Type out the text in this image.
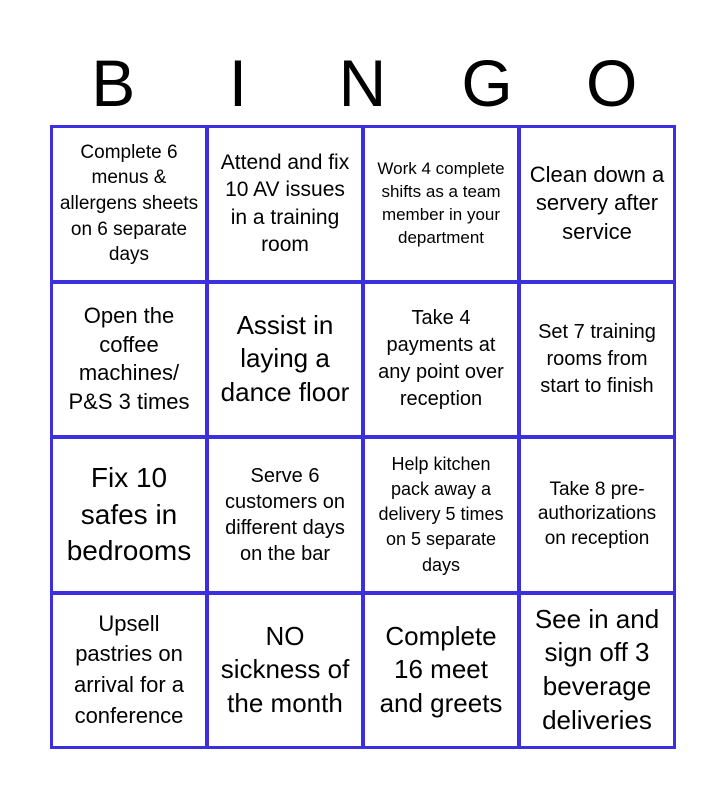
B	I	N	G	O
Complete 6 menus & allergens sheets on 6 separate days
Attend and fix 10 AV issues in a training room
Work 4 complete shifts as a team member in your department
Clean down a servery after service
Open the coffee machines/ P&S 3 times
Assist in laying a dance floor
Take 4 payments at any point over reception
Set 7 training rooms from start to finish
Fix 10 safes in bedrooms
Serve 6 customers on different days on the bar
Help kitchen pack away a delivery 5 times on 5 separate days
Take 8 pre-authorizations on reception
Upsell pastries on arrival for a conference
NO sickness of the month
Complete 16 meet and greets
See in and sign off 3 beverage deliveries
